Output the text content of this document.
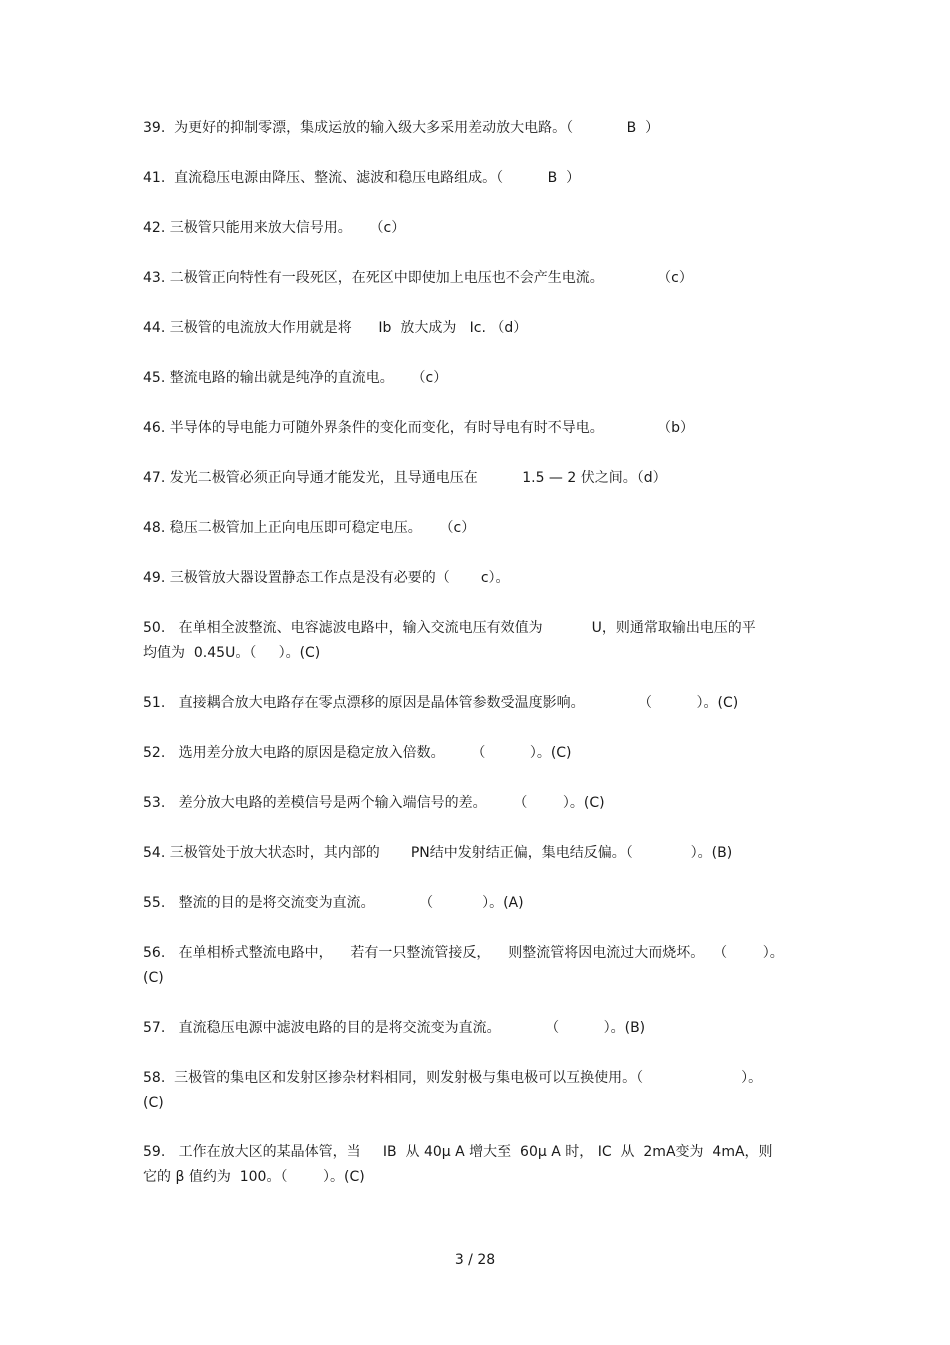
39.  为更好的抑制零漂，集成运放的输入级大多采用差动放大电路。（            B  ）
41.  直流稳压电源由降压、整流、滤波和稳压电路组成。（          B  ）
42. 三极管只能用来放大信号用。    （c）
43. 二极管正向特性有一段死区，在死区中即使加上电压也不会产生电流。            （c）
44. 三极管的电流放大作用就是将      Ib  放大成为   Ic. （d）
45. 整流电路的输出就是纯净的直流电。    （c）
46. 半导体的导电能力可随外界条件的变化而变化，有时导电有时不导电。            （b）
47. 发光二极管必须正向导通才能发光，且导通电压在          1.5 — 2 伏之间。（d）
48. 稳压二极管加上正向电压即可稳定电压。    （c）
49. 三极管放大器设置静态工作点是没有必要的（       c）。
50.   在单相全波整流、电容滤波电路中，输入交流电压有效值为           U，则通常取输出电压的平
均值为  0.45U。（     ）。(C)
51.   直接耦合放大电路存在零点漂移的原因是晶体管参数受温度影响。            （          ）。(C)
52.   选用差分放大电路的原因是稳定放入倍数。      （          ）。(C)
53.   差分放大电路的差模信号是两个输入端信号的差。      （        ）。(C)
54. 三极管处于放大状态时，其内部的       PN结中发射结正偏，集电结反偏。（             ）。(B)
55.   整流的目的是将交流变为直流。          （           ）。(A)
56.   在单相桥式整流电路中，    若有一只整流管接反，    则整流管将因电流过大而烧坏。  （        ）。
(C)
57.   直流稳压电源中滤波电路的目的是将交流变为直流。          （          ）。(B)
58.  三极管的集电区和发射区掺杂材料相同，则发射极与集电极可以互换使用。（                      ）。
(C)
59.   工作在放大区的某晶体管，当     IB  从 40μ A 增大至  60μ A 时， IC  从  2mA变为  4mA，则
它的 β 值约为  100。（        ）。(C)
3 / 28
